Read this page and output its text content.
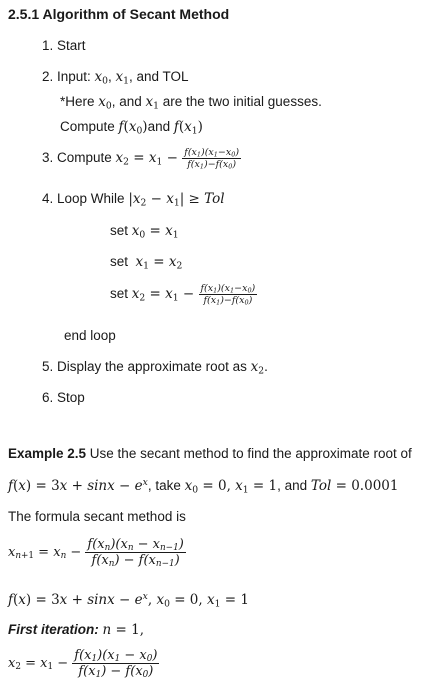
2.5.1 Algorithm of Secant Method
1. Start
2. Input: $x_0$, $x_1$, and TOL
*Here $x_0$, and $x_1$ are the two initial guesses.
Compute $f(x_0)and$ $f(x_1)$
3. Compute $x_2 = x_1 - \frac{f(x_1)(x_1-x_0)}{f(x_1)-f(x_0)}$
4. Loop While $|x_2 - x_1|$ ≥ Tol
set $x_0 = x_1$
set  $x_1 = x_2$
set $x_2 = x_1 - \frac{f(x_1)(x_1-x_0)}{f(x_1)-f(x_0)}$
end loop
5. Display the approximate root as $x_2$.
6. Stop
Example 2.5 Use the secant method to find the approximate root of
$f(x) = 3x + \sin x - e^x$, take $x_0 = 0$, $x_1 = 1$, and Tol = 0.0001
The formula secant method is
$x_{n+1} = x_n - \frac{f(x_n)(x_n - x_{n-1})}{f(x_n) - f(x_{n-1})}$
$f(x) = 3x + \sin x - e^x$, $x_0 = 0$, $x_1 = 1$
First iteration: n = 1,
$x_2 = x_1 - \frac{f(x_1)(x_1 - x_0)}{f(x_1) - f(x_0)}$
